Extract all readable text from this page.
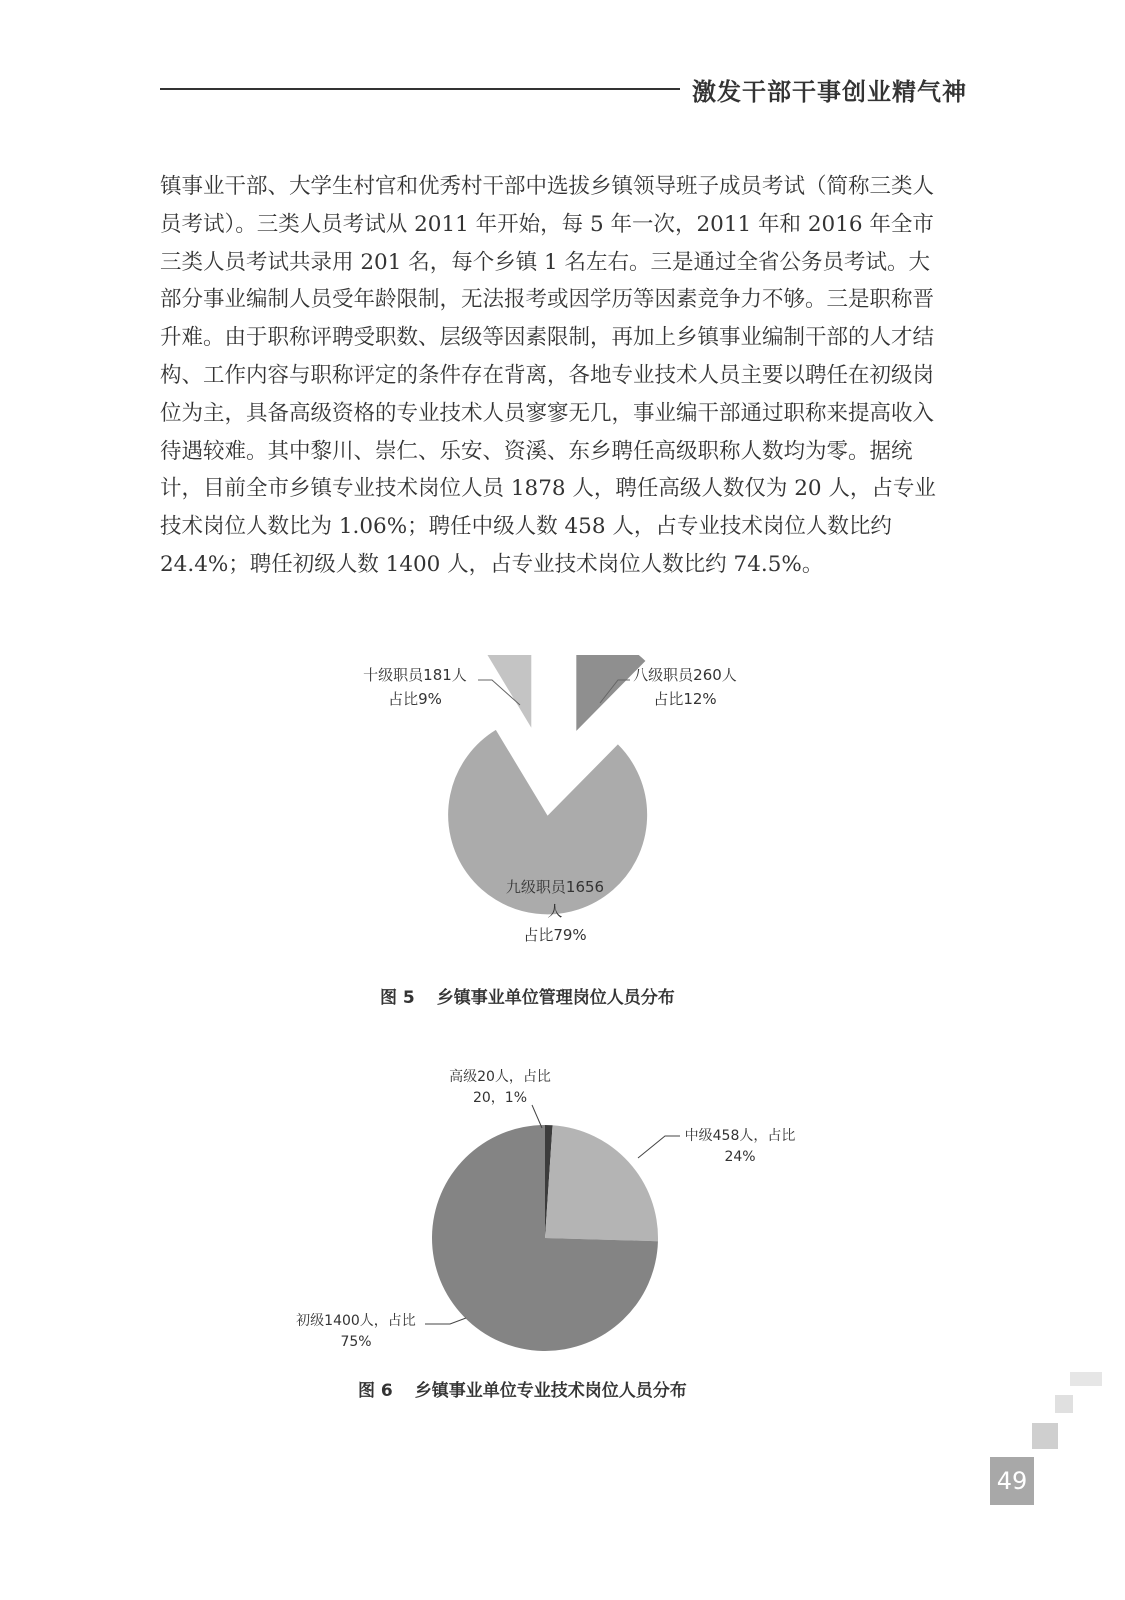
激发干部干事创业精气神

镇事业干部、大学生村官和优秀村干部中选拔乡镇领导班子成员考试（简称三类人员考试）。三类人员考试从 2011 年开始，每 5 年一次，2011 年和 2016 年全市三类人员考试共录用 201 名，每个乡镇 1 名左右。三是通过全省公务员考试。大部分事业编制人员受年龄限制，无法报考或因学历等因素竞争力不够。三是职称晋升难。由于职称评聘受职数、层级等因素限制，再加上乡镇事业编制干部的人才结构、工作内容与职称评定的条件存在背离，各地专业技术人员主要以聘任在初级岗位为主，具备高级资格的专业技术人员寥寥无几，事业编干部通过职称来提高收入待遇较难。其中黎川、崇仁、乐安、资溪、东乡聘任高级职称人数均为零。据统计，目前全市乡镇专业技术岗位人员 1878 人，聘任高级人数仅为 20 人，占专业技术岗位人数比为 1.06%；聘任中级人数 458 人，占专业技术岗位人数比约 24.4%；聘任初级人数 1400 人，占专业技术岗位人数比约 74.5%。

八级职员260人占比12%
九级职员1656 人占比79%
十级职员181人占比9%
图 5 乡镇事业单位管理岗位人员分布
高级20人，占比 20，1%
中级458人，占比 24%
初级1400人，占比 75%
图 6 乡镇事业单位专业技术岗位人员分布
49
